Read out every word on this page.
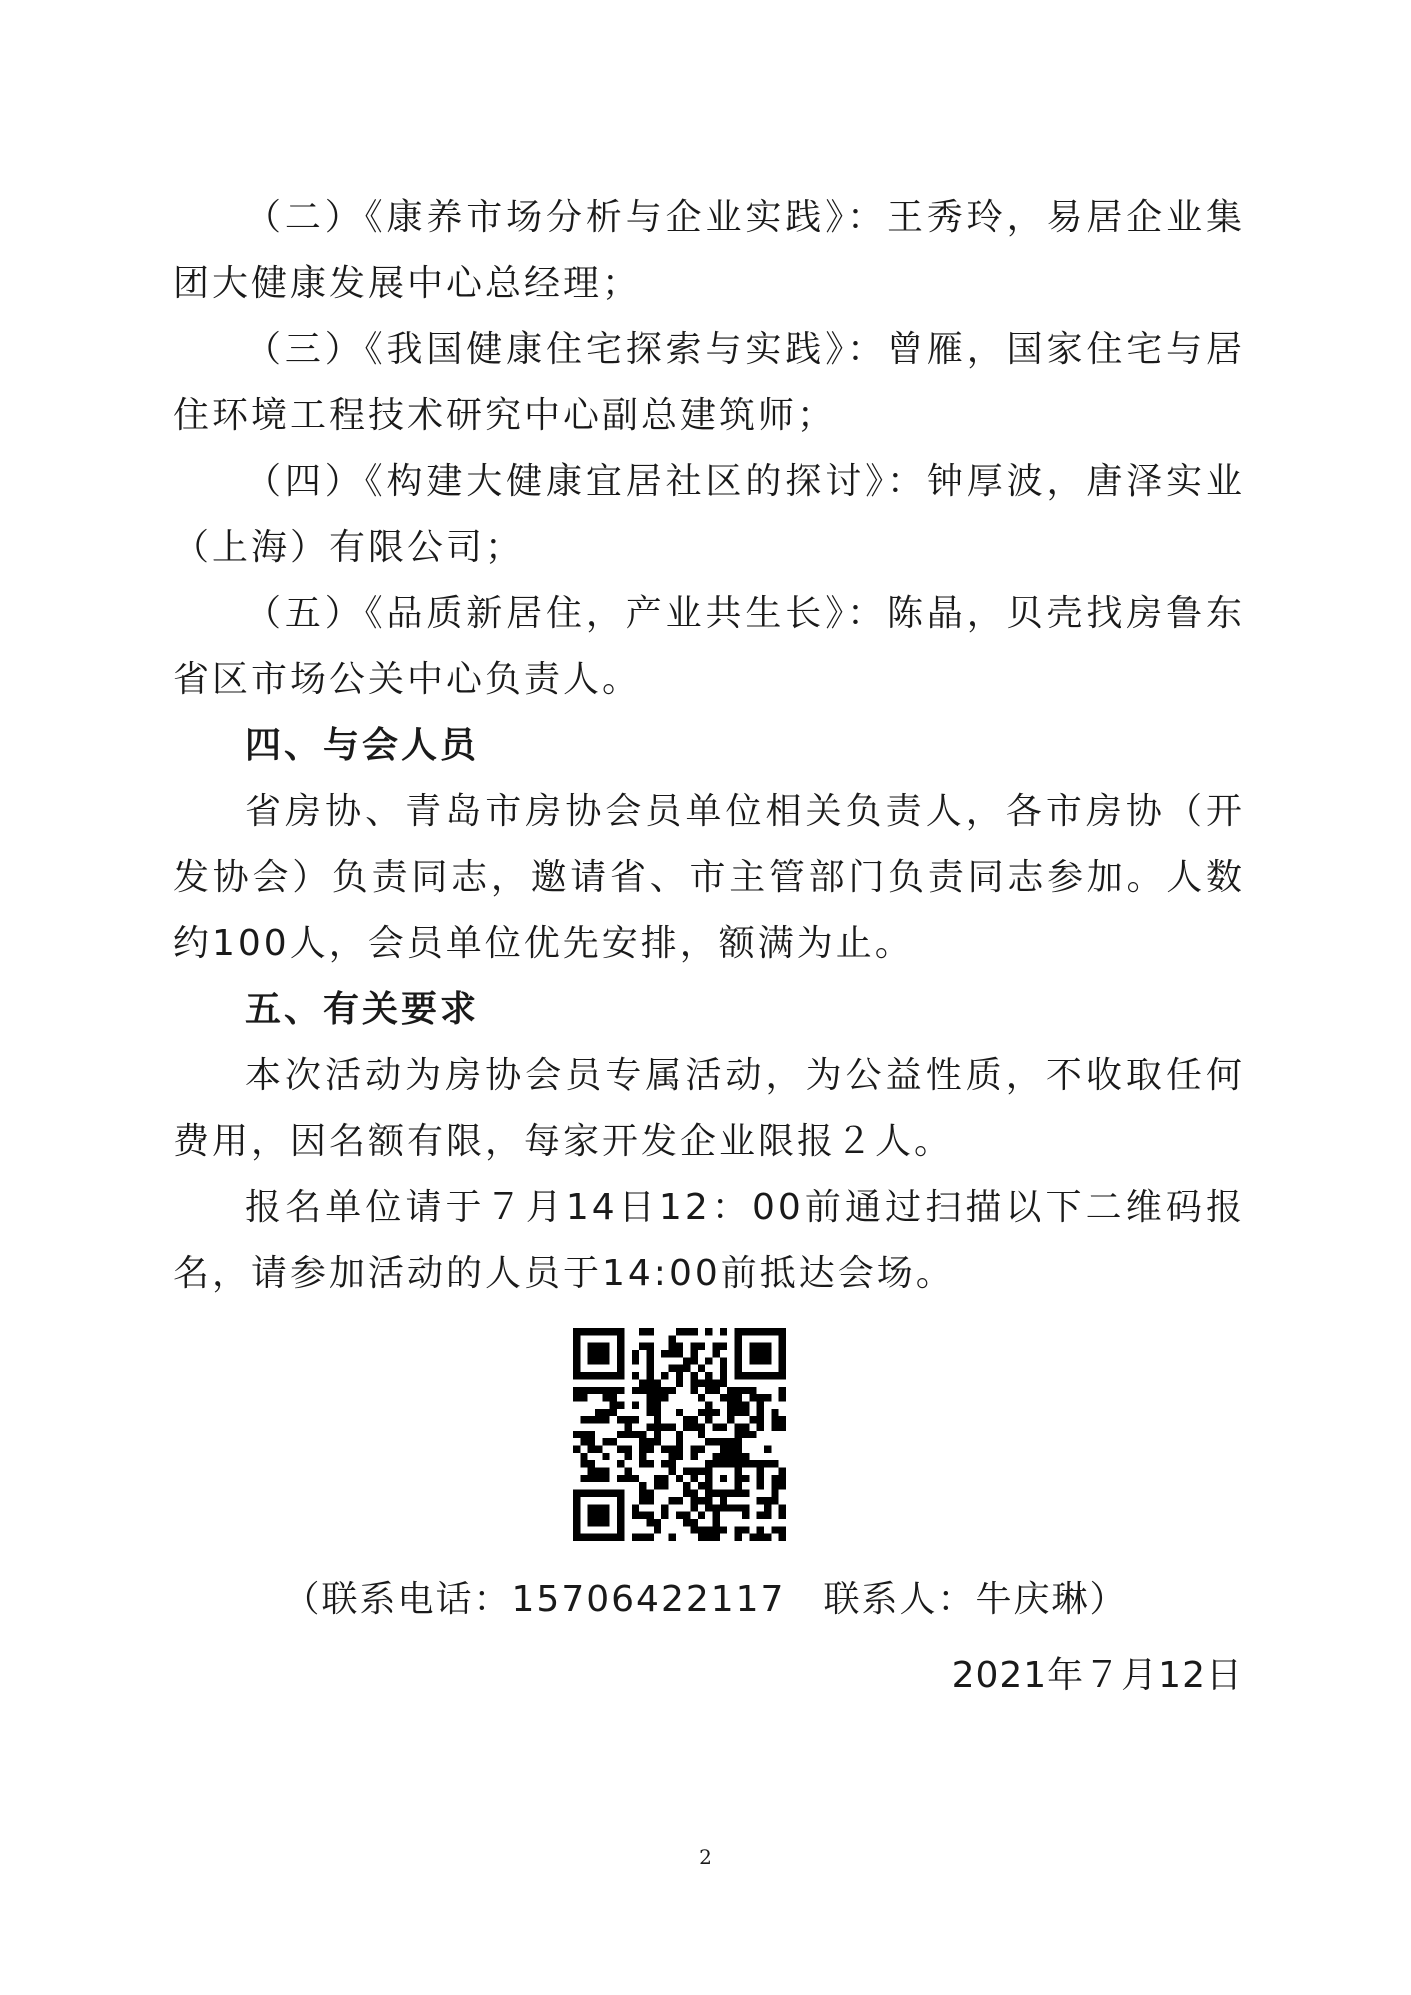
（二）《康养市场分析与企业实践》：王秀玲，易居企业集团大健康发展中心总经理；

（三）《我国健康住宅探索与实践》：曾雁，国家住宅与居住环境工程技术研究中心副总建筑师；

（四）《构建大健康宜居社区的探讨》：钟厚波，唐泽实业（上海）有限公司；

（五）《品质新居住，产业共生长》：陈晶，贝壳找房鲁东省区市场公关中心负责人。

四、与会人员

省房协、青岛市房协会员单位相关负责人，各市房协（开发协会）负责同志，邀请省、市主管部门负责同志参加。人数约100人，会员单位优先安排，额满为止。

五、有关要求

本次活动为房协会员专属活动，为公益性质，不收取任何费用，因名额有限，每家开发企业限报２人。

报名单位请于７月14日12：00前通过扫描以下二维码报名，请参加活动的人员于14:00前抵达会场。

（联系电话：15706422117　联系人：牛庆琳）
2021年７月12日
2
